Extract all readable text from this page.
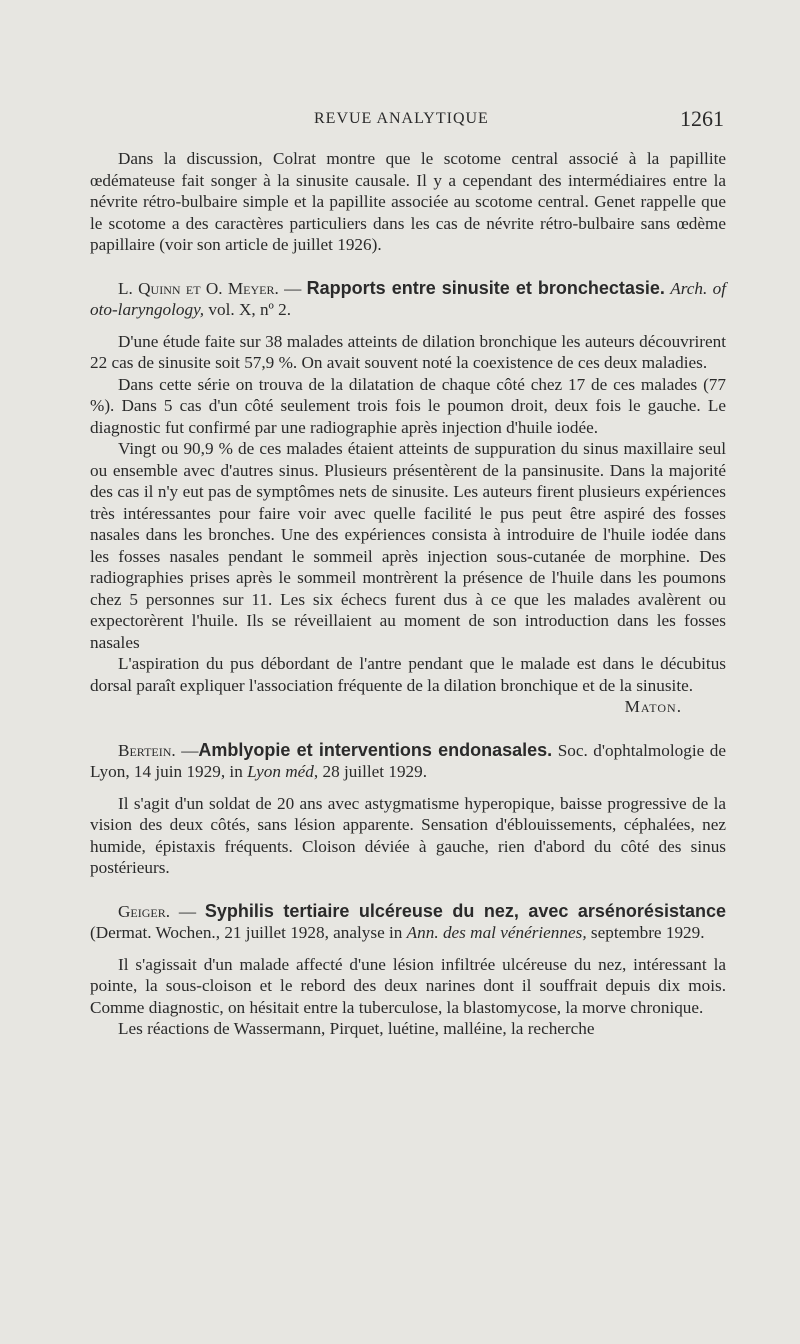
REVUE ANALYTIQUE	1261

Dans la discussion, Colrat montre que le scotome central associé à la papillite œdémateuse fait songer à la sinusite causale. Il y a cependant des intermédiaires entre la névrite rétro-bulbaire simple et la papillite associée au scotome central. Genet rappelle que le scotome a des caractères particuliers dans les cas de névrite rétro-bulbaire sans œdème papillaire (voir son article de juillet 1926).

L. Quinn et O. Meyer. — Rapports entre sinusite et bronchectasie. Arch. of oto-laryngology, vol. X, nº 2.

D'une étude faite sur 38 malades atteints de dilation bronchique les auteurs découvrirent 22 cas de sinusite soit 57,9 %. On avait souvent noté la coexistence de ces deux maladies.

Dans cette série on trouva de la dilatation de chaque côté chez 17 de ces malades (77 %). Dans 5 cas d'un côté seulement trois fois le poumon droit, deux fois le gauche. Le diagnostic fut confirmé par une radiographie après injection d'huile iodée.

Vingt ou 90,9 % de ces malades étaient atteints de suppuration du sinus maxillaire seul ou ensemble avec d'autres sinus. Plusieurs présentèrent de la pansinusite. Dans la majorité des cas il n'y eut pas de symptômes nets de sinusite. Les auteurs firent plusieurs expériences très intéressantes pour faire voir avec quelle facilité le pus peut être aspiré des fosses nasales dans les bronches. Une des expériences consista à introduire de l'huile iodée dans les fosses nasales pendant le sommeil après injection sous-cutanée de morphine. Des radiographies prises après le sommeil montrèrent la présence de l'huile dans les poumons chez 5 personnes sur 11. Les six échecs furent dus à ce que les malades avalèrent ou expectorèrent l'huile. Ils se réveillaient au moment de son introduction dans les fosses nasales

L'aspiration du pus débordant de l'antre pendant que le malade est dans le décubitus dorsal paraît expliquer l'association fréquente de la dilation bronchique et de la sinusite.

Maton.

Bertein. —Amblyopie et interventions endonasales. Soc. d'ophtalmologie de Lyon, 14 juin 1929, in Lyon méd, 28 juillet 1929.

Il s'agit d'un soldat de 20 ans avec astygmatisme hyperopique, baisse progressive de la vision des deux côtés, sans lésion apparente. Sensation d'éblouissements, céphalées, nez humide, épistaxis fréquents. Cloison déviée à gauche, rien d'abord du côté des sinus postérieurs.

Geiger. — Syphilis tertiaire ulcéreuse du nez, avec arsénorésistance (Dermat. Wochen., 21 juillet 1928, analyse in Ann. des mal vénériennes, septembre 1929.

Il s'agissait d'un malade affecté d'une lésion infiltrée ulcéreuse du nez, intéressant la pointe, la sous-cloison et le rebord des deux narines dont il souffrait depuis dix mois. Comme diagnostic, on hésitait entre la tuberculose, la blastomycose, la morve chronique.

Les réactions de Wassermann, Pirquet, luétine, malléine, la recherche
